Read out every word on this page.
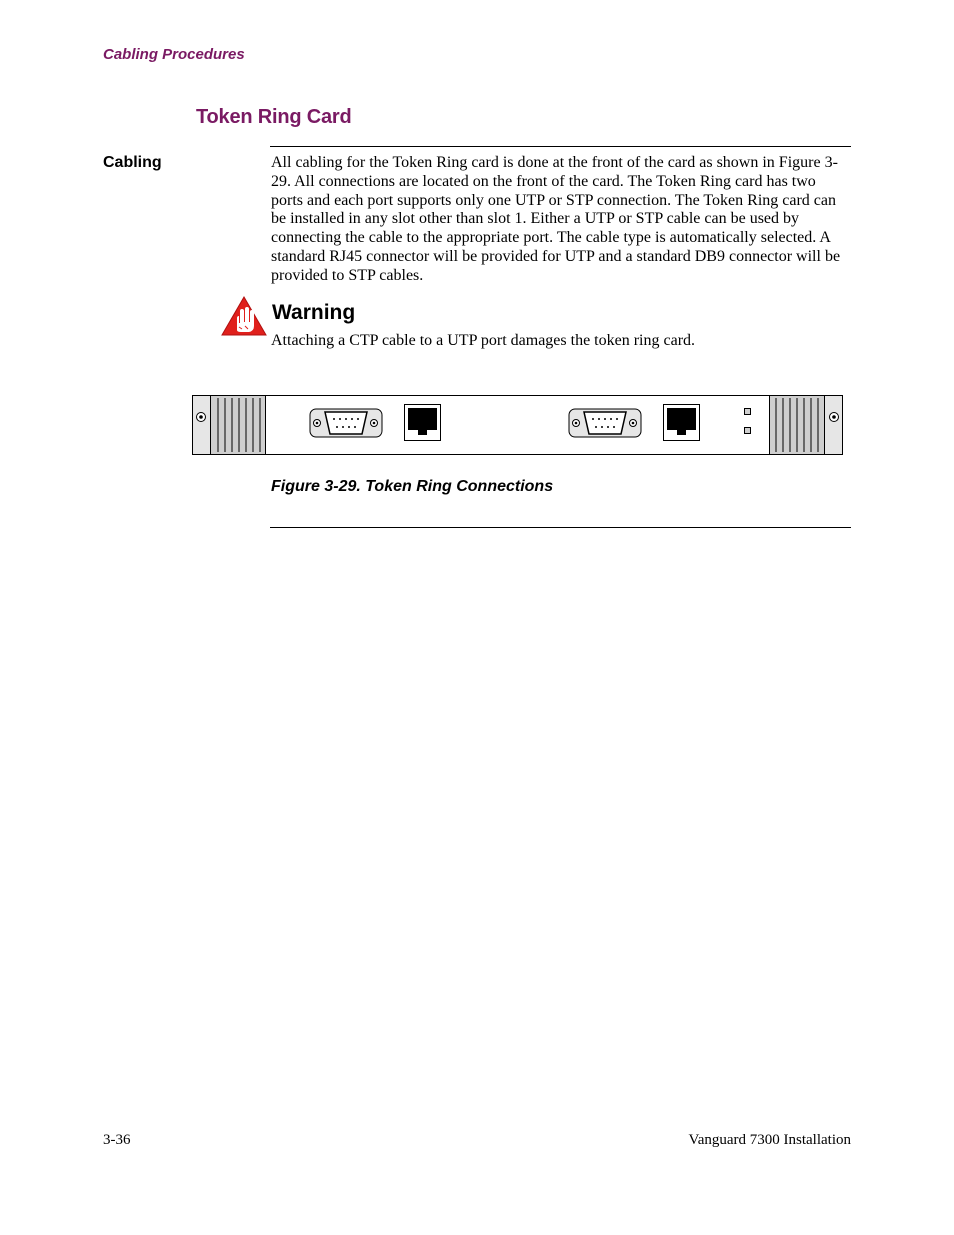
Cabling Procedures
Token Ring Card
Cabling	All cabling for the Token Ring card is done at the front of the card as shown in Figure 3-29. All connections are located on the front of the card. The Token Ring card has two ports and each port supports only one UTP or STP connection. The Token Ring card can be installed in any slot other than slot 1. Either a UTP or STP cable can be used by connecting the cable to the appropriate port. The cable type is automatically selected. A standard RJ45 connector will be provided for UTP and a standard DB9 connector will be provided to STP cables.
Warning
Attaching a CTP cable to a UTP port damages the token ring card.
Figure 3-29. Token Ring Connections
3-36	Vanguard 7300 Installation
